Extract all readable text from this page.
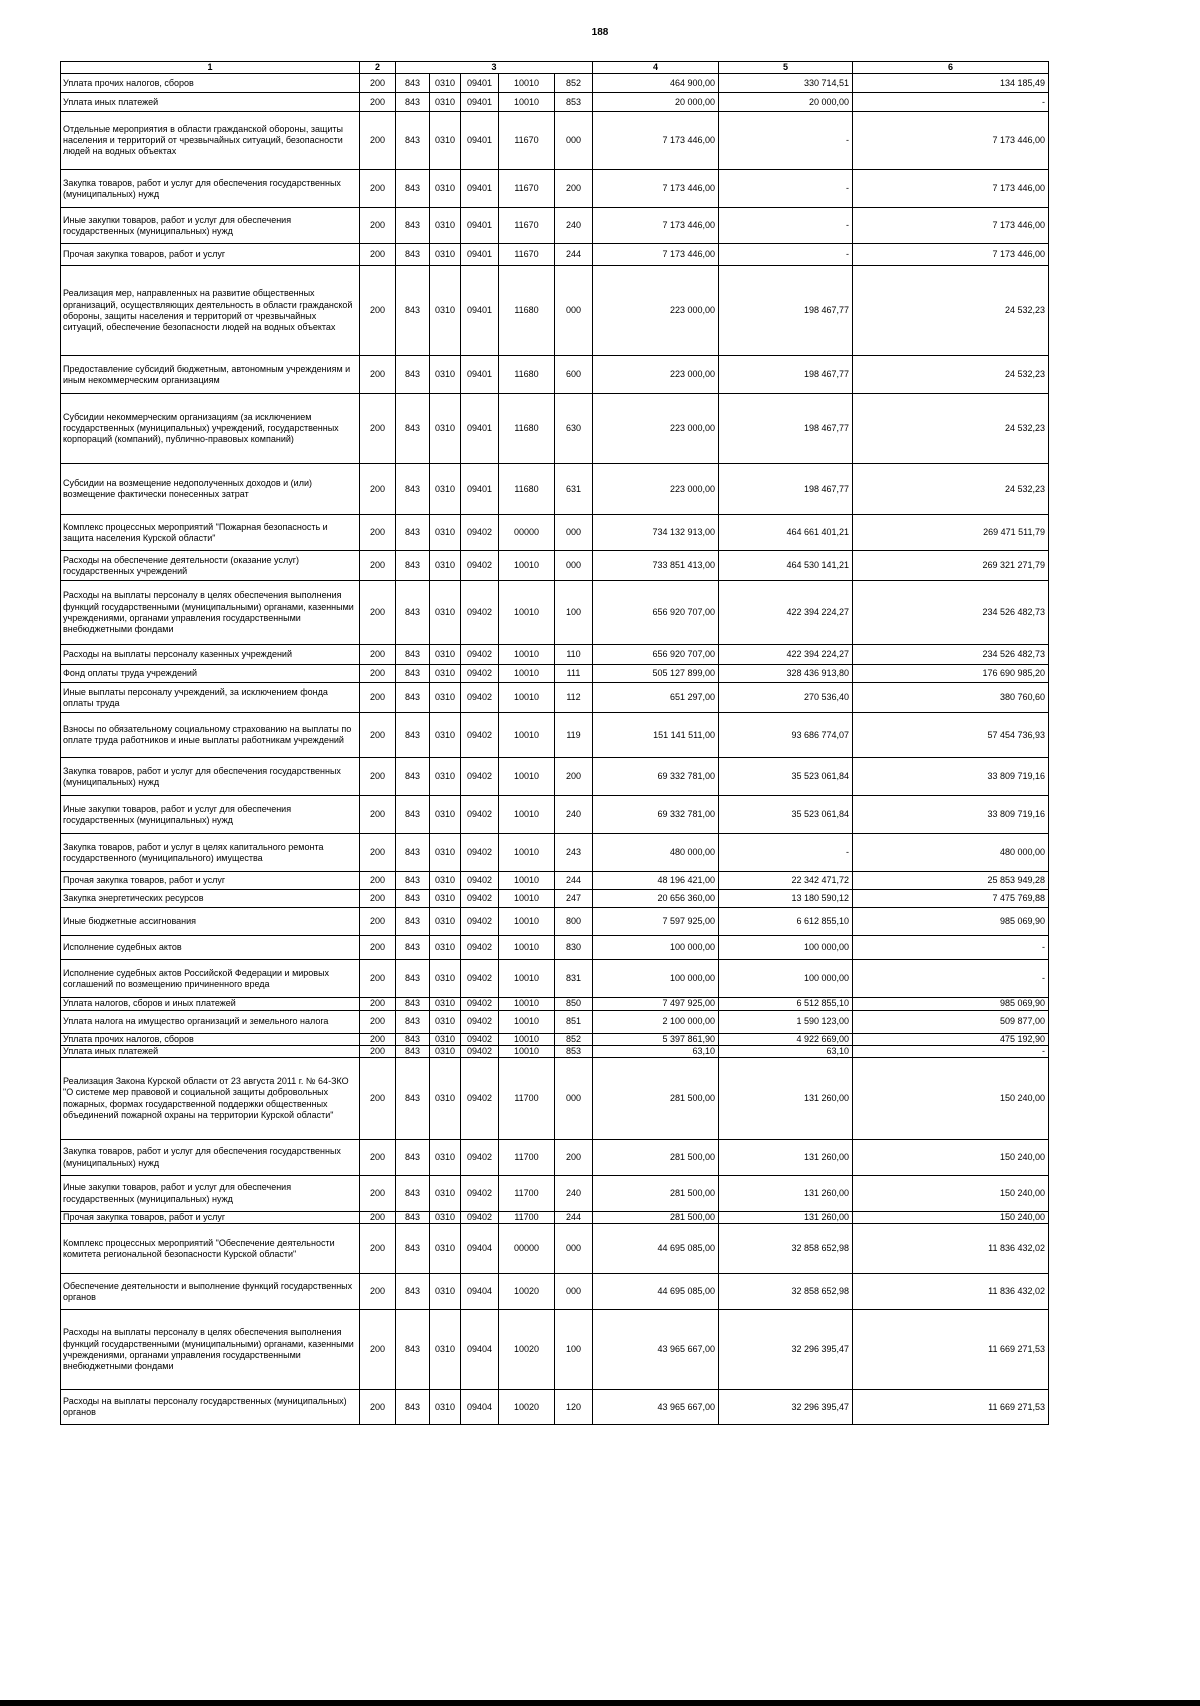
188
1	2	3					4	5	6
Уплата прочих налогов, сборов	200	843	0310	09401	10010	852	464 900,00	330 714,51	134 185,49
Уплата иных платежей	200	843	0310	09401	10010	853	20 000,00	20 000,00	-
Отдельные мероприятия в области гражданской обороны, защиты населения и территорий от чрезвычайных ситуаций, безопасности людей на водных объектах	200	843	0310	09401	11670	000	7 173 446,00	-	7 173 446,00
Закупка товаров, работ и услуг для обеспечения государственных (муниципальных) нужд	200	843	0310	09401	11670	200	7 173 446,00	-	7 173 446,00
Иные закупки товаров, работ и услуг для обеспечения государственных (муниципальных) нужд	200	843	0310	09401	11670	240	7 173 446,00	-	7 173 446,00
Прочая закупка товаров, работ и услуг	200	843	0310	09401	11670	244	7 173 446,00	-	7 173 446,00
Реализация мер, направленных на развитие общественных организаций, осуществляющих деятельность в области гражданской обороны, защиты населения и территорий от чрезвычайных ситуаций, обеспечение безопасности людей на водных объектах	200	843	0310	09401	11680	000	223 000,00	198 467,77	24 532,23
Предоставление субсидий бюджетным, автономным учреждениям и иным некоммерческим организациям	200	843	0310	09401	11680	600	223 000,00	198 467,77	24 532,23
Субсидии некоммерческим организациям (за исключением государственных (муниципальных) учреждений, государственных корпораций (компаний), публично-правовых компаний)	200	843	0310	09401	11680	630	223 000,00	198 467,77	24 532,23
Субсидии на возмещение недополученных доходов и (или) возмещение фактически понесенных затрат	200	843	0310	09401	11680	631	223 000,00	198 467,77	24 532,23
Комплекс процессных мероприятий "Пожарная безопасность и защита населения Курской области"	200	843	0310	09402	00000	000	734 132 913,00	464 661 401,21	269 471 511,79
Расходы на обеспечение деятельности (оказание услуг) государственных учреждений	200	843	0310	09402	10010	000	733 851 413,00	464 530 141,21	269 321 271,79
Расходы на выплаты персоналу в целях обеспечения выполнения функций государственными (муниципальными) органами, казенными учреждениями, органами управления государственными внебюджетными фондами	200	843	0310	09402	10010	100	656 920 707,00	422 394 224,27	234 526 482,73
Расходы на выплаты персоналу казенных учреждений	200	843	0310	09402	10010	110	656 920 707,00	422 394 224,27	234 526 482,73
Фонд оплаты труда учреждений	200	843	0310	09402	10010	111	505 127 899,00	328 436 913,80	176 690 985,20
Иные выплаты персоналу учреждений, за исключением фонда оплаты труда	200	843	0310	09402	10010	112	651 297,00	270 536,40	380 760,60
Взносы по обязательному социальному страхованию на выплаты по оплате труда работников и иные выплаты работникам учреждений	200	843	0310	09402	10010	119	151 141 511,00	93 686 774,07	57 454 736,93
Закупка товаров, работ и услуг для обеспечения государственных (муниципальных) нужд	200	843	0310	09402	10010	200	69 332 781,00	35 523 061,84	33 809 719,16
Иные закупки товаров, работ и услуг для обеспечения государственных (муниципальных) нужд	200	843	0310	09402	10010	240	69 332 781,00	35 523 061,84	33 809 719,16
Закупка товаров, работ и услуг в целях капитального ремонта государственного (муниципального) имущества	200	843	0310	09402	10010	243	480 000,00	-	480 000,00
Прочая закупка товаров, работ и услуг	200	843	0310	09402	10010	244	48 196 421,00	22 342 471,72	25 853 949,28
Закупка энергетических ресурсов	200	843	0310	09402	10010	247	20 656 360,00	13 180 590,12	7 475 769,88
Иные бюджетные ассигнования	200	843	0310	09402	10010	800	7 597 925,00	6 612 855,10	985 069,90
Исполнение судебных актов	200	843	0310	09402	10010	830	100 000,00	100 000,00	-
Исполнение судебных актов Российской Федерации и мировых соглашений по возмещению причиненного вреда	200	843	0310	09402	10010	831	100 000,00	100 000,00	-
Уплата налогов, сборов и иных платежей	200	843	0310	09402	10010	850	7 497 925,00	6 512 855,10	985 069,90
Уплата налога на имущество организаций и земельного налога	200	843	0310	09402	10010	851	2 100 000,00	1 590 123,00	509 877,00
Уплата прочих налогов, сборов	200	843	0310	09402	10010	852	5 397 861,90	4 922 669,00	475 192,90
Уплата иных платежей	200	843	0310	09402	10010	853	63,10	63,10	-
Реализация Закона Курской области от 23 августа 2011 г. № 64-ЗКО "О системе мер правовой и социальной защиты добровольных пожарных, формах государственной поддержки общественных объединений пожарной охраны на территории Курской области"	200	843	0310	09402	11700	000	281 500,00	131 260,00	150 240,00
Закупка товаров, работ и услуг для обеспечения государственных (муниципальных) нужд	200	843	0310	09402	11700	200	281 500,00	131 260,00	150 240,00
Иные закупки товаров, работ и услуг для обеспечения государственных (муниципальных) нужд	200	843	0310	09402	11700	240	281 500,00	131 260,00	150 240,00
Прочая закупка товаров, работ и услуг	200	843	0310	09402	11700	244	281 500,00	131 260,00	150 240,00
Комплекс процессных мероприятий "Обеспечение деятельности комитета региональной безопасности Курской области"	200	843	0310	09404	00000	000	44 695 085,00	32 858 652,98	11 836 432,02
Обеспечение деятельности и выполнение функций государственных органов	200	843	0310	09404	10020	000	44 695 085,00	32 858 652,98	11 836 432,02
Расходы на выплаты персоналу в целях обеспечения выполнения функций государственными (муниципальными) органами, казенными учреждениями, органами управления государственными внебюджетными фондами	200	843	0310	09404	10020	100	43 965 667,00	32 296 395,47	11 669 271,53
Расходы на выплаты персоналу государственных (муниципальных) органов	200	843	0310	09404	10020	120	43 965 667,00	32 296 395,47	11 669 271,53
